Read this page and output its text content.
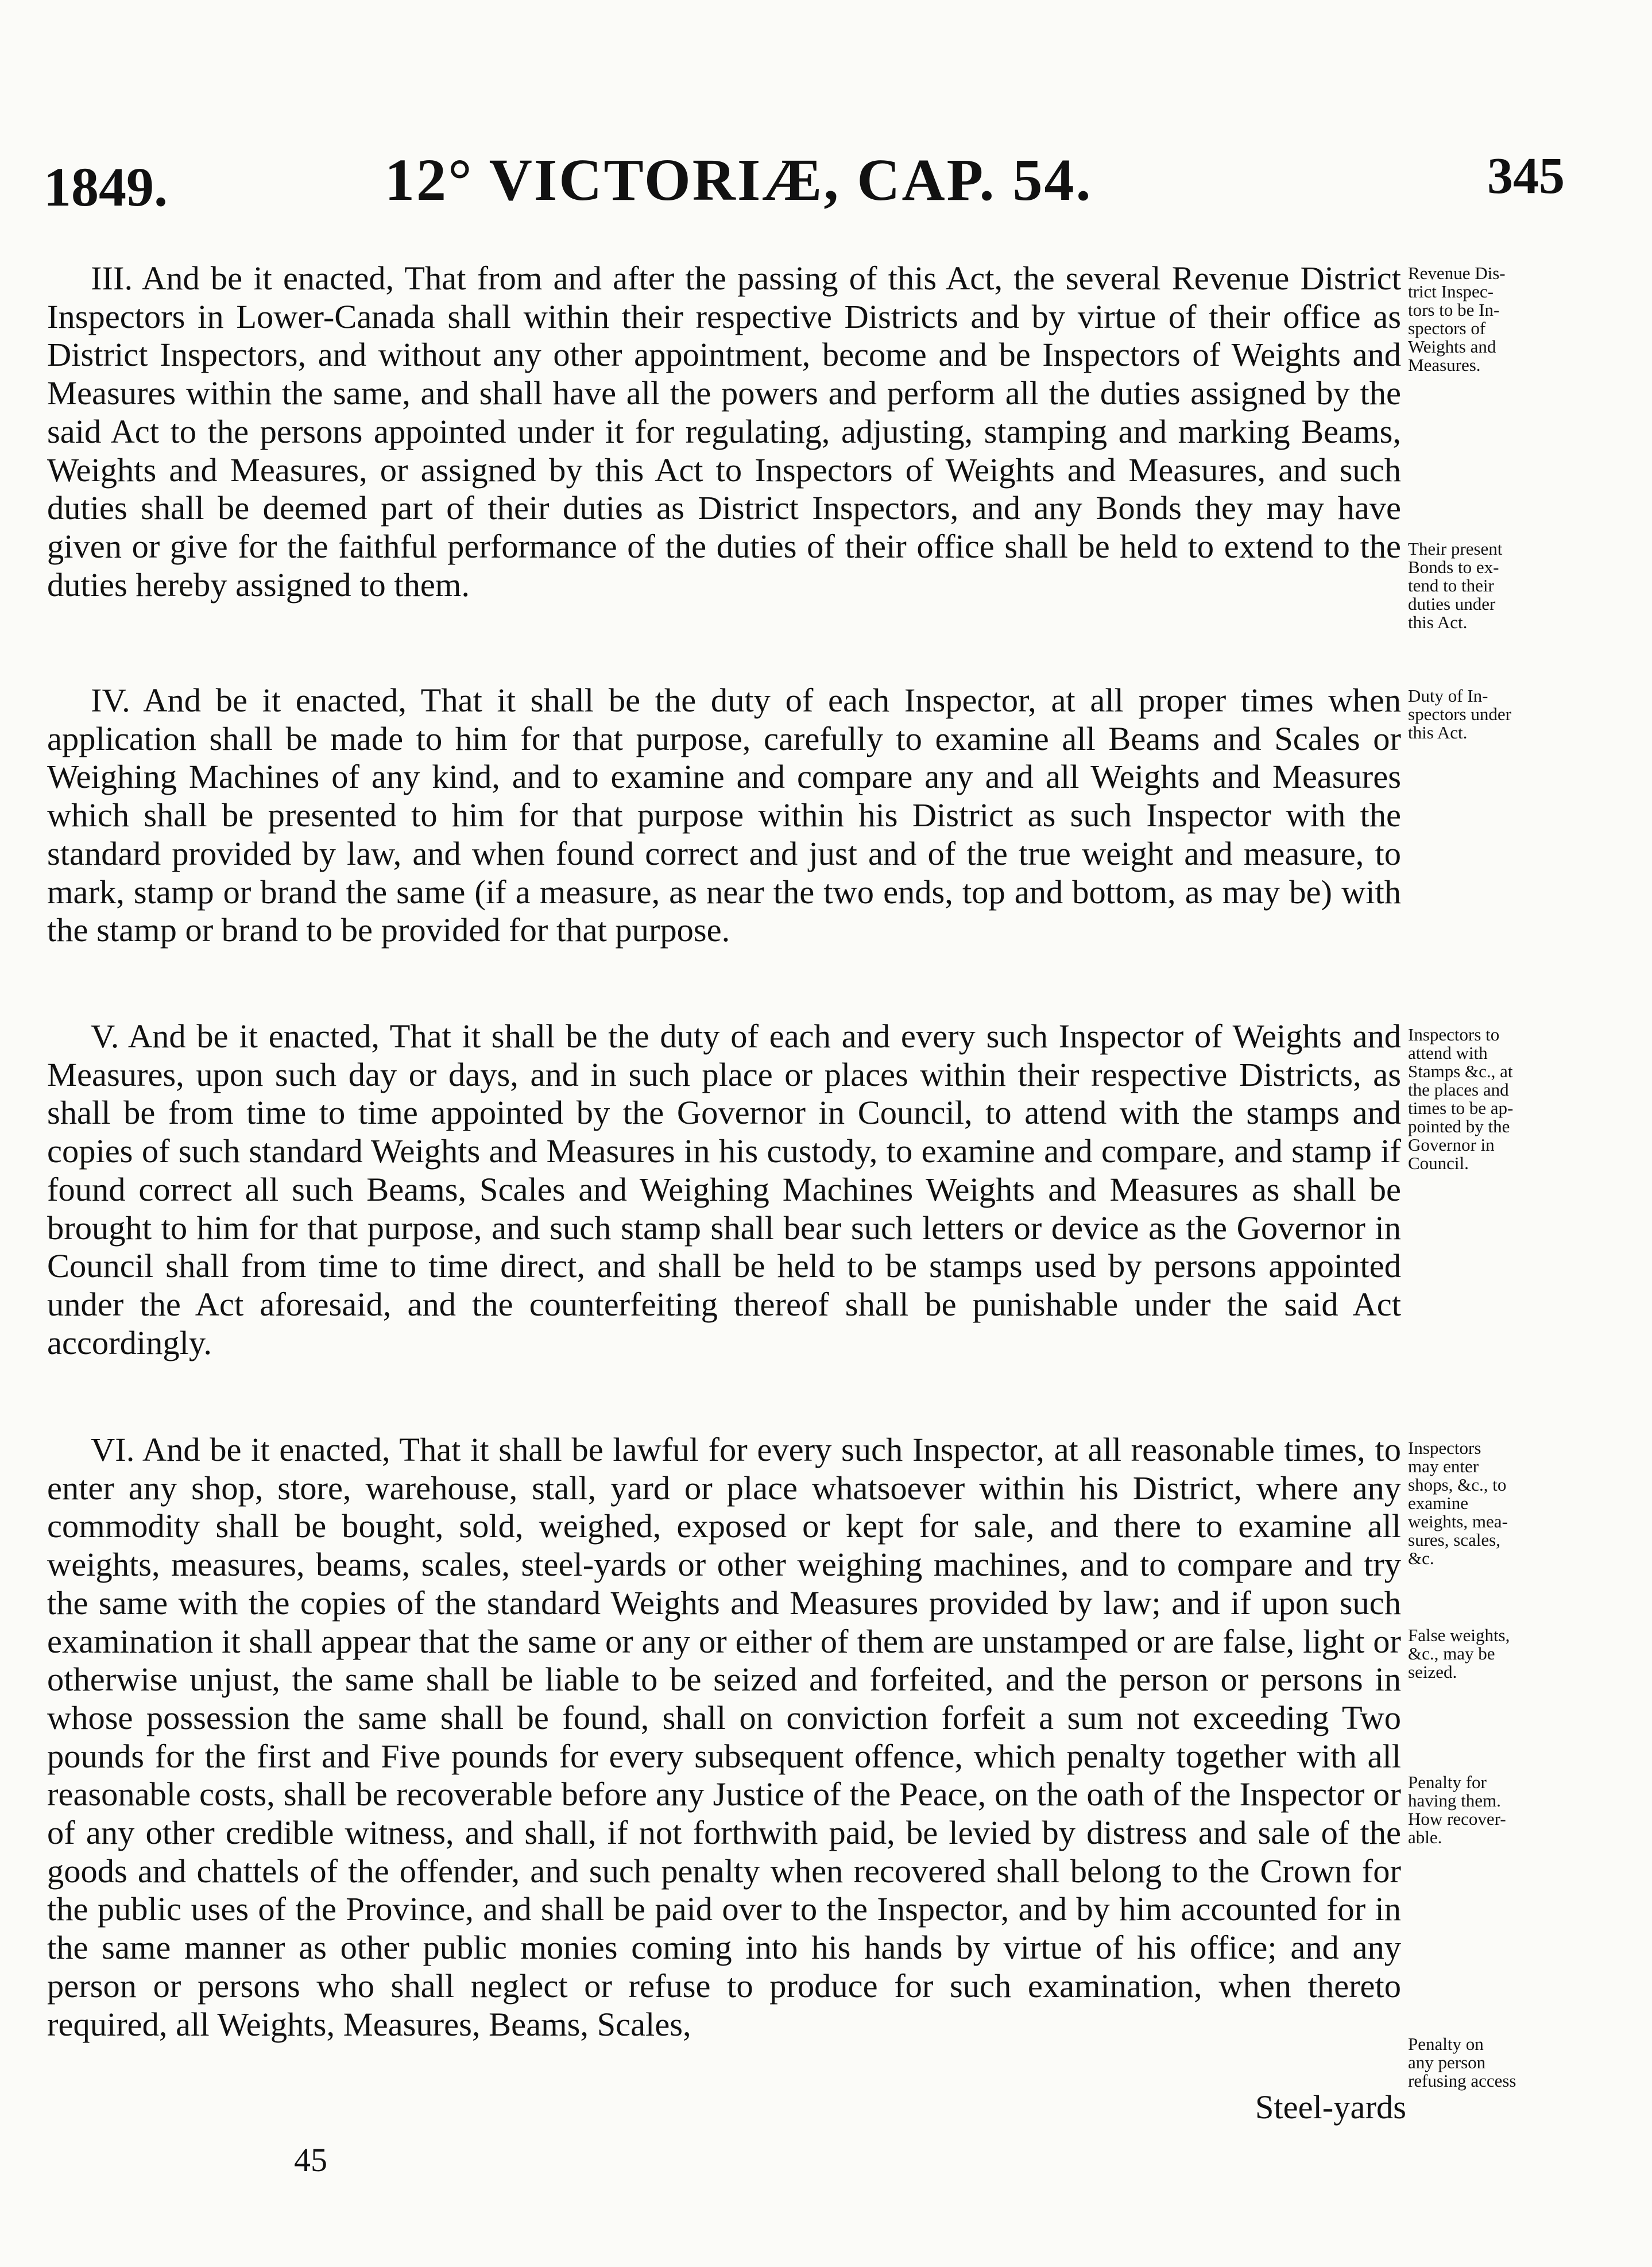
1849.	12° VICTORIÆ, CAP. 54.	345

III. And be it enacted, That from and after the passing of this Act, the several Revenue District Inspectors in Lower-Canada shall within their respective Districts and by virtue of their office as District Inspectors, and without any other appointment, become and be Inspectors of Weights and Measures within the same, and shall have all the powers and perform all the duties assigned by the said Act to the persons appointed under it for regulating, adjusting, stamping and marking Beams, Weights and Measures, or assigned by this Act to Inspectors of Weights and Measures, and such duties shall be deemed part of their duties as District Inspectors, and any Bonds they may have given or give for the faithful performance of the duties of their office shall be held to extend to the duties hereby assigned to them.

IV. And be it enacted, That it shall be the duty of each Inspector, at all proper times when application shall be made to him for that purpose, carefully to examine all Beams and Scales or Weighing Machines of any kind, and to examine and compare any and all Weights and Measures which shall be presented to him for that purpose within his District as such Inspector with the standard provided by law, and when found correct and just and of the true weight and measure, to mark, stamp or brand the same (if a measure, as near the two ends, top and bottom, as may be) with the stamp or brand to be provided for that purpose.

V. And be it enacted, That it shall be the duty of each and every such Inspector of Weights and Measures, upon such day or days, and in such place or places within their respective Districts, as shall be from time to time appointed by the Governor in Council, to attend with the stamps and copies of such standard Weights and Measures in his custody, to examine and compare, and stamp if found correct all such Beams, Scales and Weighing Machines Weights and Measures as shall be brought to him for that purpose, and such stamp shall bear such letters or device as the Governor in Council shall from time to time direct, and shall be held to be stamps used by persons appointed under the Act aforesaid, and the counterfeiting thereof shall be punishable under the said Act accordingly.

VI. And be it enacted, That it shall be lawful for every such Inspector, at all reasonable times, to enter any shop, store, warehouse, stall, yard or place whatsoever within his District, where any commodity shall be bought, sold, weighed, exposed or kept for sale, and there to examine all weights, measures, beams, scales, steel-yards or other weighing machines, and to compare and try the same with the copies of the standard Weights and Measures provided by law; and if upon such examination it shall appear that the same or any or either of them are unstamped or are false, light or otherwise unjust, the same shall be liable to be seized and forfeited, and the person or persons in whose possession the same shall be found, shall on conviction forfeit a sum not exceeding Two pounds for the first and Five pounds for every subsequent offence, which penalty together with all reasonable costs, shall be recoverable before any Justice of the Peace, on the oath of the Inspector or of any other credible witness, and shall, if not forthwith paid, be levied by distress and sale of the goods and chattels of the offender, and such penalty when recovered shall belong to the Crown for the public uses of the Province, and shall be paid over to the Inspector, and by him accounted for in the same manner as other public monies coming into his hands by virtue of his office; and any person or persons who shall neglect or refuse to produce for such examination, when thereto required, all Weights, Measures, Beams, Scales,

Steel-yards
45
Revenue Dis-
trict Inspec-
tors to be In-
spectors of
Weights and
Measures.
Their present
Bonds to ex-
tend to their
duties under
this Act.
Duty of In-
spectors under
this Act.
Inspectors to
attend with
Stamps &c., at
the places and
times to be ap-
pointed by the
Governor in
Council.
Inspectors
may enter
shops, &c., to
examine
weights, mea-
sures, scales,
&c.
False weights,
&c., may be
seized.
Penalty for
having them.
How recover-
able.
Penalty on
any person
refusing access
